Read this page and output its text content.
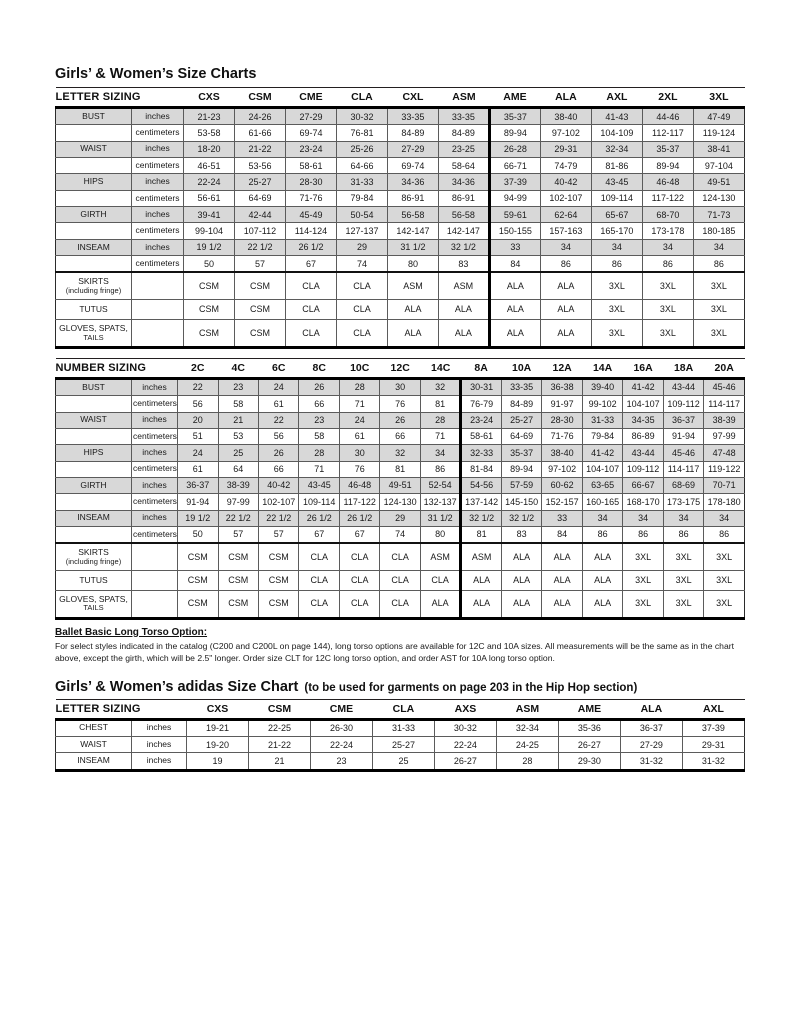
Girls’ & Women’s Size Charts
LETTER SIZING		CXS	CSM	CME	CLA	CXL	ASM	AME	ALA	AXL	2XL	3XL
BUST	inches	21-23	24-26	27-29	30-32	33-35	33-35	35-37	38-40	41-43	44-46	47-49
	centimeters	53-58	61-66	69-74	76-81	84-89	84-89	89-94	97-102	104-109	112-117	119-124
WAIST	inches	18-20	21-22	23-24	25-26	27-29	23-25	26-28	29-31	32-34	35-37	38-41
	centimeters	46-51	53-56	58-61	64-66	69-74	58-64	66-71	74-79	81-86	89-94	97-104
HIPS	inches	22-24	25-27	28-30	31-33	34-36	34-36	37-39	40-42	43-45	46-48	49-51
	centimeters	56-61	64-69	71-76	79-84	86-91	86-91	94-99	102-107	109-114	117-122	124-130
GIRTH	inches	39-41	42-44	45-49	50-54	56-58	56-58	59-61	62-64	65-67	68-70	71-73
	centimeters	99-104	107-112	114-124	127-137	142-147	142-147	150-155	157-163	165-170	173-178	180-185
INSEAM	inches	19 1/2	22 1/2	26 1/2	29	31 1/2	32 1/2	33	34	34	34	34
	centimeters	50	57	67	74	80	83	84	86	86	86	86
SKIRTS
(including fringe)		CSM	CSM	CLA	CLA	ASM	ASM	ALA	ALA	3XL	3XL	3XL
TUTUS		CSM	CSM	CLA	CLA	ALA	ALA	ALA	ALA	3XL	3XL	3XL
GLOVES, SPATS,
TAILS		CSM	CSM	CLA	CLA	ALA	ALA	ALA	ALA	3XL	3XL	3XL
NUMBER SIZING		2C	4C	6C	8C	10C	12C	14C	8A	10A	12A	14A	16A	18A	20A
BUST	inches	22	23	24	26	28	30	32	30-31	33-35	36-38	39-40	41-42	43-44	45-46
	centimeters	56	58	61	66	71	76	81	76-79	84-89	91-97	99-102	104-107	109-112	114-117
WAIST	inches	20	21	22	23	24	26	28	23-24	25-27	28-30	31-33	34-35	36-37	38-39
	centimeters	51	53	56	58	61	66	71	58-61	64-69	71-76	79-84	86-89	91-94	97-99
HIPS	inches	24	25	26	28	30	32	34	32-33	35-37	38-40	41-42	43-44	45-46	47-48
	centimeters	61	64	66	71	76	81	86	81-84	89-94	97-102	104-107	109-112	114-117	119-122
GIRTH	inches	36-37	38-39	40-42	43-45	46-48	49-51	52-54	54-56	57-59	60-62	63-65	66-67	68-69	70-71
	centimeters	91-94	97-99	102-107	109-114	117-122	124-130	132-137	137-142	145-150	152-157	160-165	168-170	173-175	178-180
INSEAM	inches	19 1/2	22 1/2	22 1/2	26 1/2	26 1/2	29	31 1/2	32 1/2	32 1/2	33	34	34	34	34
	centimeters	50	57	57	67	67	74	80	81	83	84	86	86	86	86
SKIRTS
(including fringe)		CSM	CSM	CSM	CLA	CLA	CLA	ASM	ASM	ALA	ALA	ALA	3XL	3XL	3XL
TUTUS		CSM	CSM	CSM	CLA	CLA	CLA	CLA	ALA	ALA	ALA	ALA	3XL	3XL	3XL
GLOVES, SPATS,
TAILS		CSM	CSM	CSM	CLA	CLA	CLA	ALA	ALA	ALA	ALA	ALA	3XL	3XL	3XL

Ballet Basic Long Torso Option:

For select styles indicated in the catalog (C200 and C200L on page 144), long torso options are available for 12C and 10A sizes. All measurements will be the same as in the chart above, except the girth, which will be 2.5" longer. Order size CLT for 12C long torso option, and order AST for 10A long torso option.

Girls’ & Women’s adidas Size Chart (to be used for garments on page 203 in the Hip Hop section)
LETTER SIZING		CXS	CSM	CME	CLA	AXS	ASM	AME	ALA	AXL
CHEST	inches	19-21	22-25	26-30	31-33	30-32	32-34	35-36	36-37	37-39
WAIST	inches	19-20	21-22	22-24	25-27	22-24	24-25	26-27	27-29	29-31
INSEAM	inches	19	21	23	25	26-27	28	29-30	31-32	31-32
